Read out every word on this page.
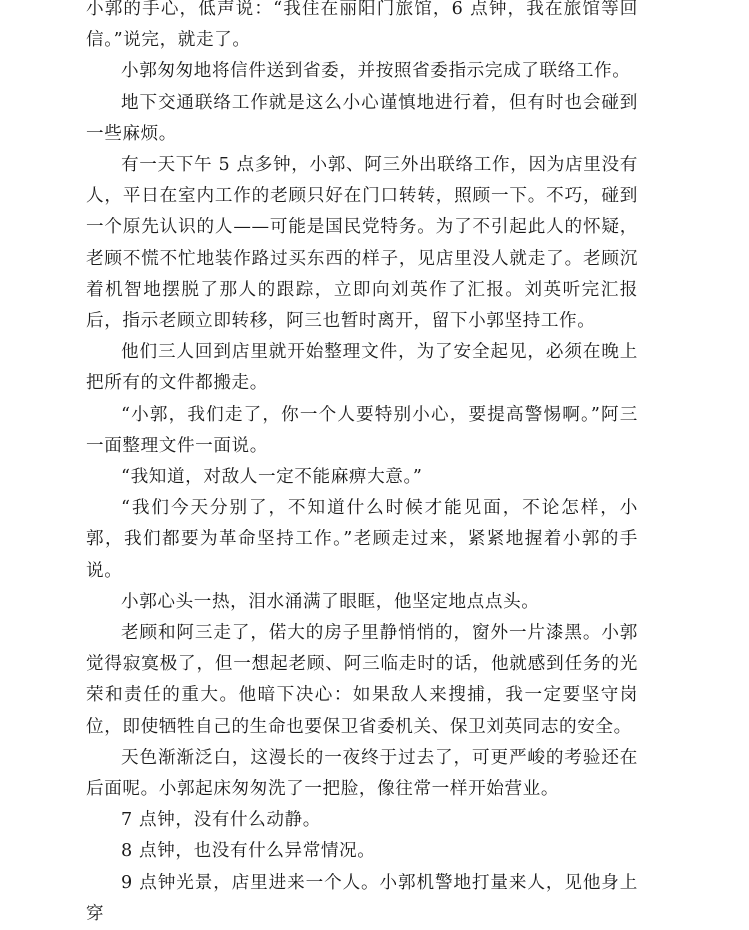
小郭的手心，低声说：“我住在丽阳门旅馆，6 点钟，我在旅馆等回信。”说完，就走了。

小郭匆匆地将信件送到省委，并按照省委指示完成了联络工作。

地下交通联络工作就是这么小心谨慎地进行着，但有时也会碰到一些麻烦。

有一天下午 5 点多钟，小郭、阿三外出联络工作，因为店里没有人，平日在室内工作的老顾只好在门口转转，照顾一下。不巧，碰到一个原先认识的人——可能是国民党特务。为了不引起此人的怀疑，老顾不慌不忙地装作路过买东西的样子，见店里没人就走了。老顾沉着机智地摆脱了那人的跟踪，立即向刘英作了汇报。刘英听完汇报后，指示老顾立即转移，阿三也暂时离开，留下小郭坚持工作。

他们三人回到店里就开始整理文件，为了安全起见，必须在晚上把所有的文件都搬走。

“小郭，我们走了，你一个人要特别小心，要提高警惕啊。”阿三一面整理文件一面说。

“我知道，对敌人一定不能麻痹大意。”

“我们今天分别了，不知道什么时候才能见面，不论怎样，小郭，我们都要为革命坚持工作。”老顾走过来，紧紧地握着小郭的手说。

小郭心头一热，泪水涌满了眼眶，他坚定地点点头。

老顾和阿三走了，偌大的房子里静悄悄的，窗外一片漆黑。小郭觉得寂寞极了，但一想起老顾、阿三临走时的话，他就感到任务的光荣和责任的重大。他暗下决心：如果敌人来搜捕，我一定要坚守岗位，即使牺牲自己的生命也要保卫省委机关、保卫刘英同志的安全。

天色渐渐泛白，这漫长的一夜终于过去了，可更严峻的考验还在后面呢。小郭起床匆匆洗了一把脸，像往常一样开始营业。

7 点钟，没有什么动静。

8 点钟，也没有什么异常情况。

9 点钟光景，店里进来一个人。小郭机警地打量来人，见他身上穿
